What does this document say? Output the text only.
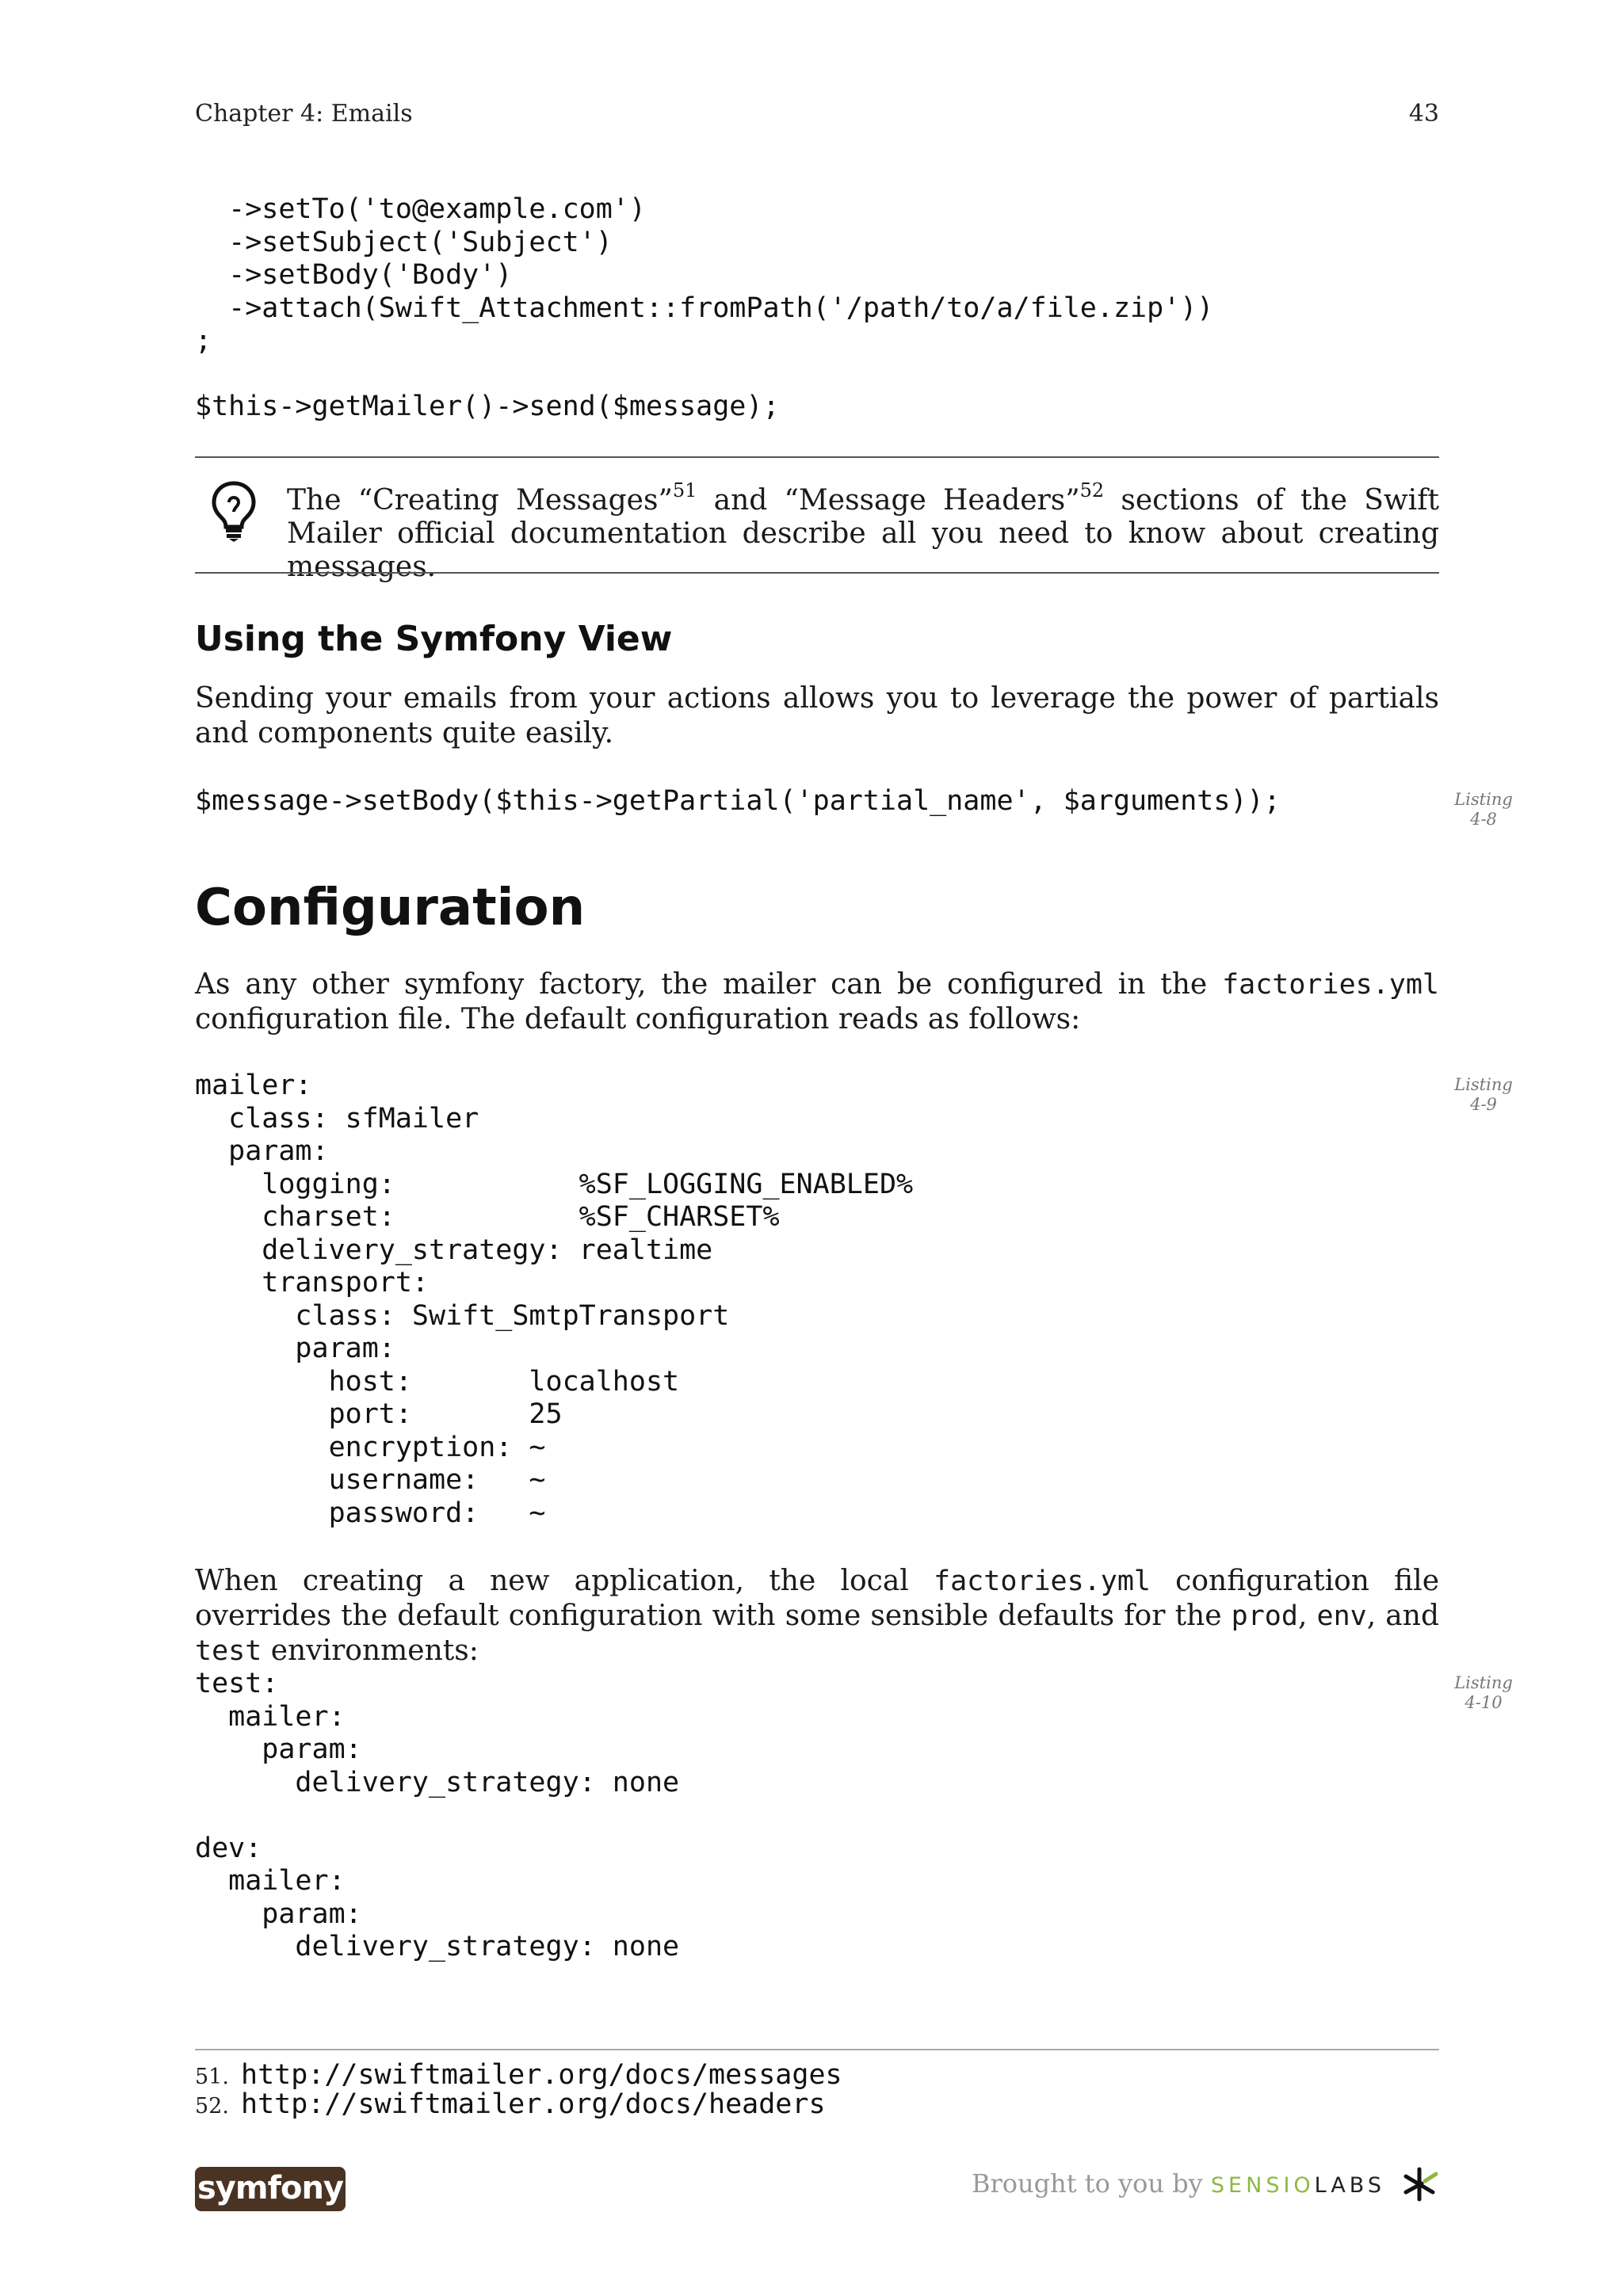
Chapter 4: Emails	43
->setTo('to@example.com')
->setSubject('Subject')
->setBody('Body')
->attach(Swift_Attachment::fromPath('/path/to/a/file.zip'))
;

$this->getMailer()->send($message);

The “Creating Messages”$^{51}$ and “Message Headers”$^{52}$ sections of the Swift Mailer official documentation describe all you need to know about creating messages.

Using the Symfony View

Sending your emails from your actions allows you to leverage the power of partials and components quite easily.

$message->setBody($this->getPartial('partial_name', $arguments));	Listing
4-8
Configuration

As any other symfony factory, the mailer can be configured in the factories.yml configuration file. The default configuration reads as follows:

mailer:
class: sfMailer
param:
logging:           %SF_LOGGING_ENABLED%
charset:           %SF_CHARSET%
delivery_strategy: realtime
transport:
class: Swift_SmtpTransport
param:
host:       localhost
port:       25
encryption: ~
username:   ~
password:   ~
Listing
4-9

When creating a new application, the local factories.yml configuration file overrides the default configuration with some sensible defaults for the prod, env, and test environments:

test:
mailer:
param:
delivery_strategy: none

dev:
mailer:
param:
delivery_strategy: none
Listing
4-10
51. http://swiftmailer.org/docs/messages
52. http://swiftmailer.org/docs/headers
symfony	Brought to you by SENSIOLABS
